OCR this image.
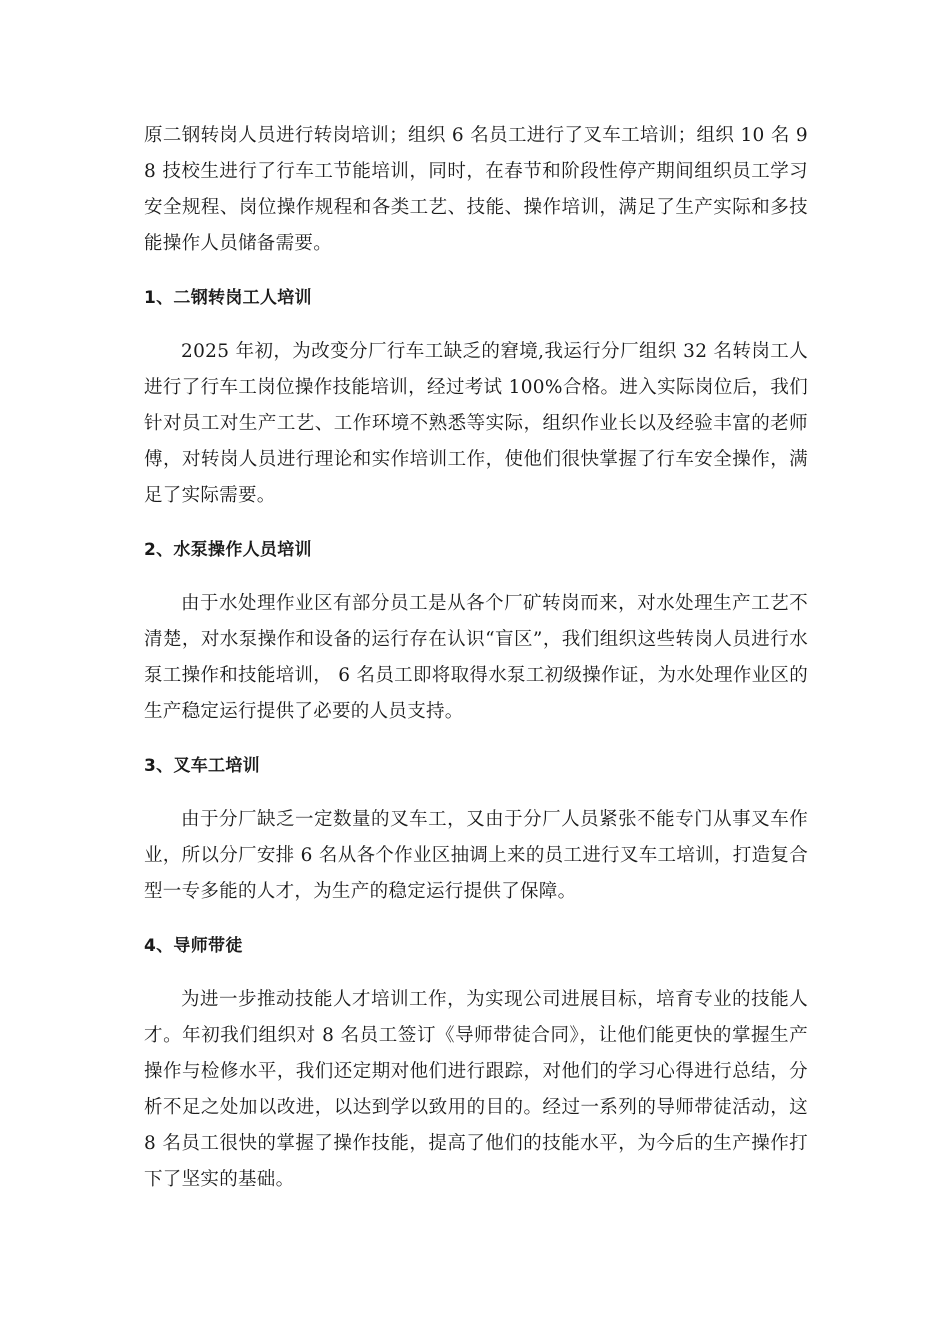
原二钢转岗人员进行转岗培训；组织 6 名员工进行了叉车工培训；组织 10 名 98 技校生进行了行车工节能培训，同时，在春节和阶段性停产期间组织员工学习安全规程、岗位操作规程和各类工艺、技能、操作培训，满足了生产实际和多技能操作人员储备需要。

1、二钢转岗工人培训

2025 年初，为改变分厂行车工缺乏的窘境,我运行分厂组织 32 名转岗工人进行了行车工岗位操作技能培训，经过考试 100%合格。进入实际岗位后，我们针对员工对生产工艺、工作环境不熟悉等实际，组织作业长以及经验丰富的老师傅，对转岗人员进行理论和实作培训工作，使他们很快掌握了行车安全操作，满足了实际需要。

2、水泵操作人员培训

由于水处理作业区有部分员工是从各个厂矿转岗而来，对水处理生产工艺不清楚，对水泵操作和设备的运行存在认识“盲区”，我们组织这些转岗人员进行水泵工操作和技能培训， 6 名员工即将取得水泵工初级操作证，为水处理作业区的生产稳定运行提供了必要的人员支持。

3、叉车工培训

由于分厂缺乏一定数量的叉车工，又由于分厂人员紧张不能专门从事叉车作业，所以分厂安排 6 名从各个作业区抽调上来的员工进行叉车工培训，打造复合型一专多能的人才，为生产的稳定运行提供了保障。

4、导师带徒

为进一步推动技能人才培训工作，为实现公司进展目标，培育专业的技能人才。年初我们组织对 8 名员工签订《导师带徒合同》，让他们能更快的掌握生产操作与检修水平，我们还定期对他们进行跟踪，对他们的学习心得进行总结，分析不足之处加以改进，以达到学以致用的目的。经过一系列的导师带徒活动，这 8 名员工很快的掌握了操作技能，提高了他们的技能水平，为今后的生产操作打下了坚实的基础。
